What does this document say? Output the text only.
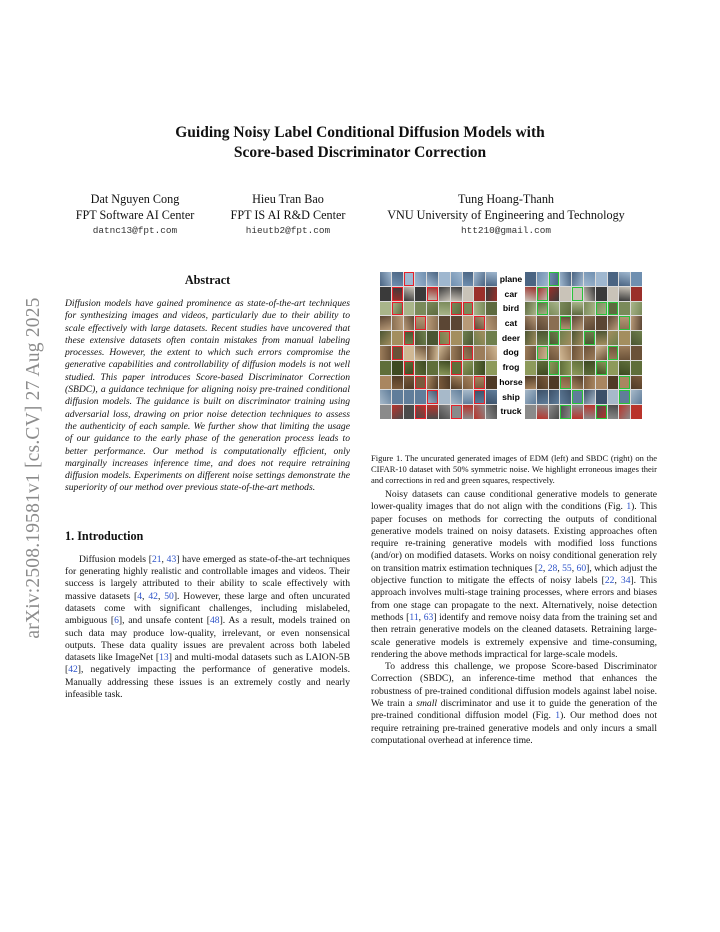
arXiv:2508.19581v1 [cs.CV] 27 Aug 2025
Guiding Noisy Label Conditional Diffusion Models with
Score-based Discriminator Correction
Dat Nguyen Cong
FPT Software AI Center
datnc13@fpt.com
Hieu Tran Bao
FPT IS AI R&D Center
hieutb2@fpt.com
Tung Hoang-Thanh
VNU University of Engineering and Technology
htt210@gmail.com
Abstract

Diffusion models have gained prominence as state-of-the-art techniques for synthesizing images and videos, particularly due to their ability to scale effectively with large datasets. Recent studies have uncovered that these extensive datasets often contain mistakes from manual labeling processes. However, the extent to which such errors compromise the generative capabilities and controllability of diffusion models is not well studied. This paper introduces Score-based Discriminator Correction (SBDC), a guidance technique for aligning noisy pre-trained conditional diffusion models. The guidance is built on discriminator training using adversarial loss, drawing on prior noise detection techniques to assess the authenticity of each sample. We further show that limiting the usage of our guidance to the early phase of the generation process leads to better performance. Our method is computationally efficient, only marginally increases inference time, and does not require retraining diffusion models. Experiments on different noise settings demonstrate the superiority of our method over previous state-of-the-art methods.

1. Introduction

Diffusion models [21, 43] have emerged as state-of-the-art techniques for generating highly realistic and controllable images and videos. Their success is largely attributed to their ability to scale effectively with massive datasets [4, 42, 50]. However, these large and often uncurated datasets come with significant challenges, including mislabeled, ambiguous [6], and unsafe content [48]. As a result, models trained on such data may produce low-quality, irrelevant, or even nonsensical outputs. These data quality issues are prevalent across both labeled datasets like ImageNet [13] and multi-modal datasets such as LAION-5B [42], negatively impacting the performance of generative models. Manually addressing these issues is an extremely costly and nearly infeasible task.

plane
car
bird
cat
deer
dog
frog
horse
ship
truck

Figure 1. The uncurated generated images of EDM (left) and SBDC (right) on the CIFAR-10 dataset with 50% symmetric noise. We highlight erroneous images their and corrections in red and green squares, respectively.

Noisy datasets can cause conditional generative models to generate lower-quality images that do not align with the conditions (Fig. 1). This paper focuses on methods for correcting the outputs of conditional generative models trained on noisy datasets. Existing approaches often require re-training generative models with modified loss functions (and/or) on modified datasets. Works on noisy conditional generation rely on transition matrix estimation techniques [2, 28, 55, 60], which adjust the objective function to mitigate the effects of noisy labels [22, 34]. This approach involves multi-stage training processes, where errors and biases from one stage can propagate to the next. Alternatively, noise detection methods [11, 63] identify and remove noisy data from the training set and then retrain generative models on the cleaned datasets. Retraining large-scale generative models is extremely expensive and time-consuming, rendering the above methods impractical for large-scale models.

To address this challenge, we propose Score-based Discriminator Correction (SBDC), an inference-time method that enhances the robustness of pre-trained conditional diffusion models against label noise. We train a small discriminator and use it to guide the generation of the pre-trained conditional diffusion model (Fig. 1). Our method does not require retraining pre-trained generative models and only incurs a small computational overhead at inference time.
